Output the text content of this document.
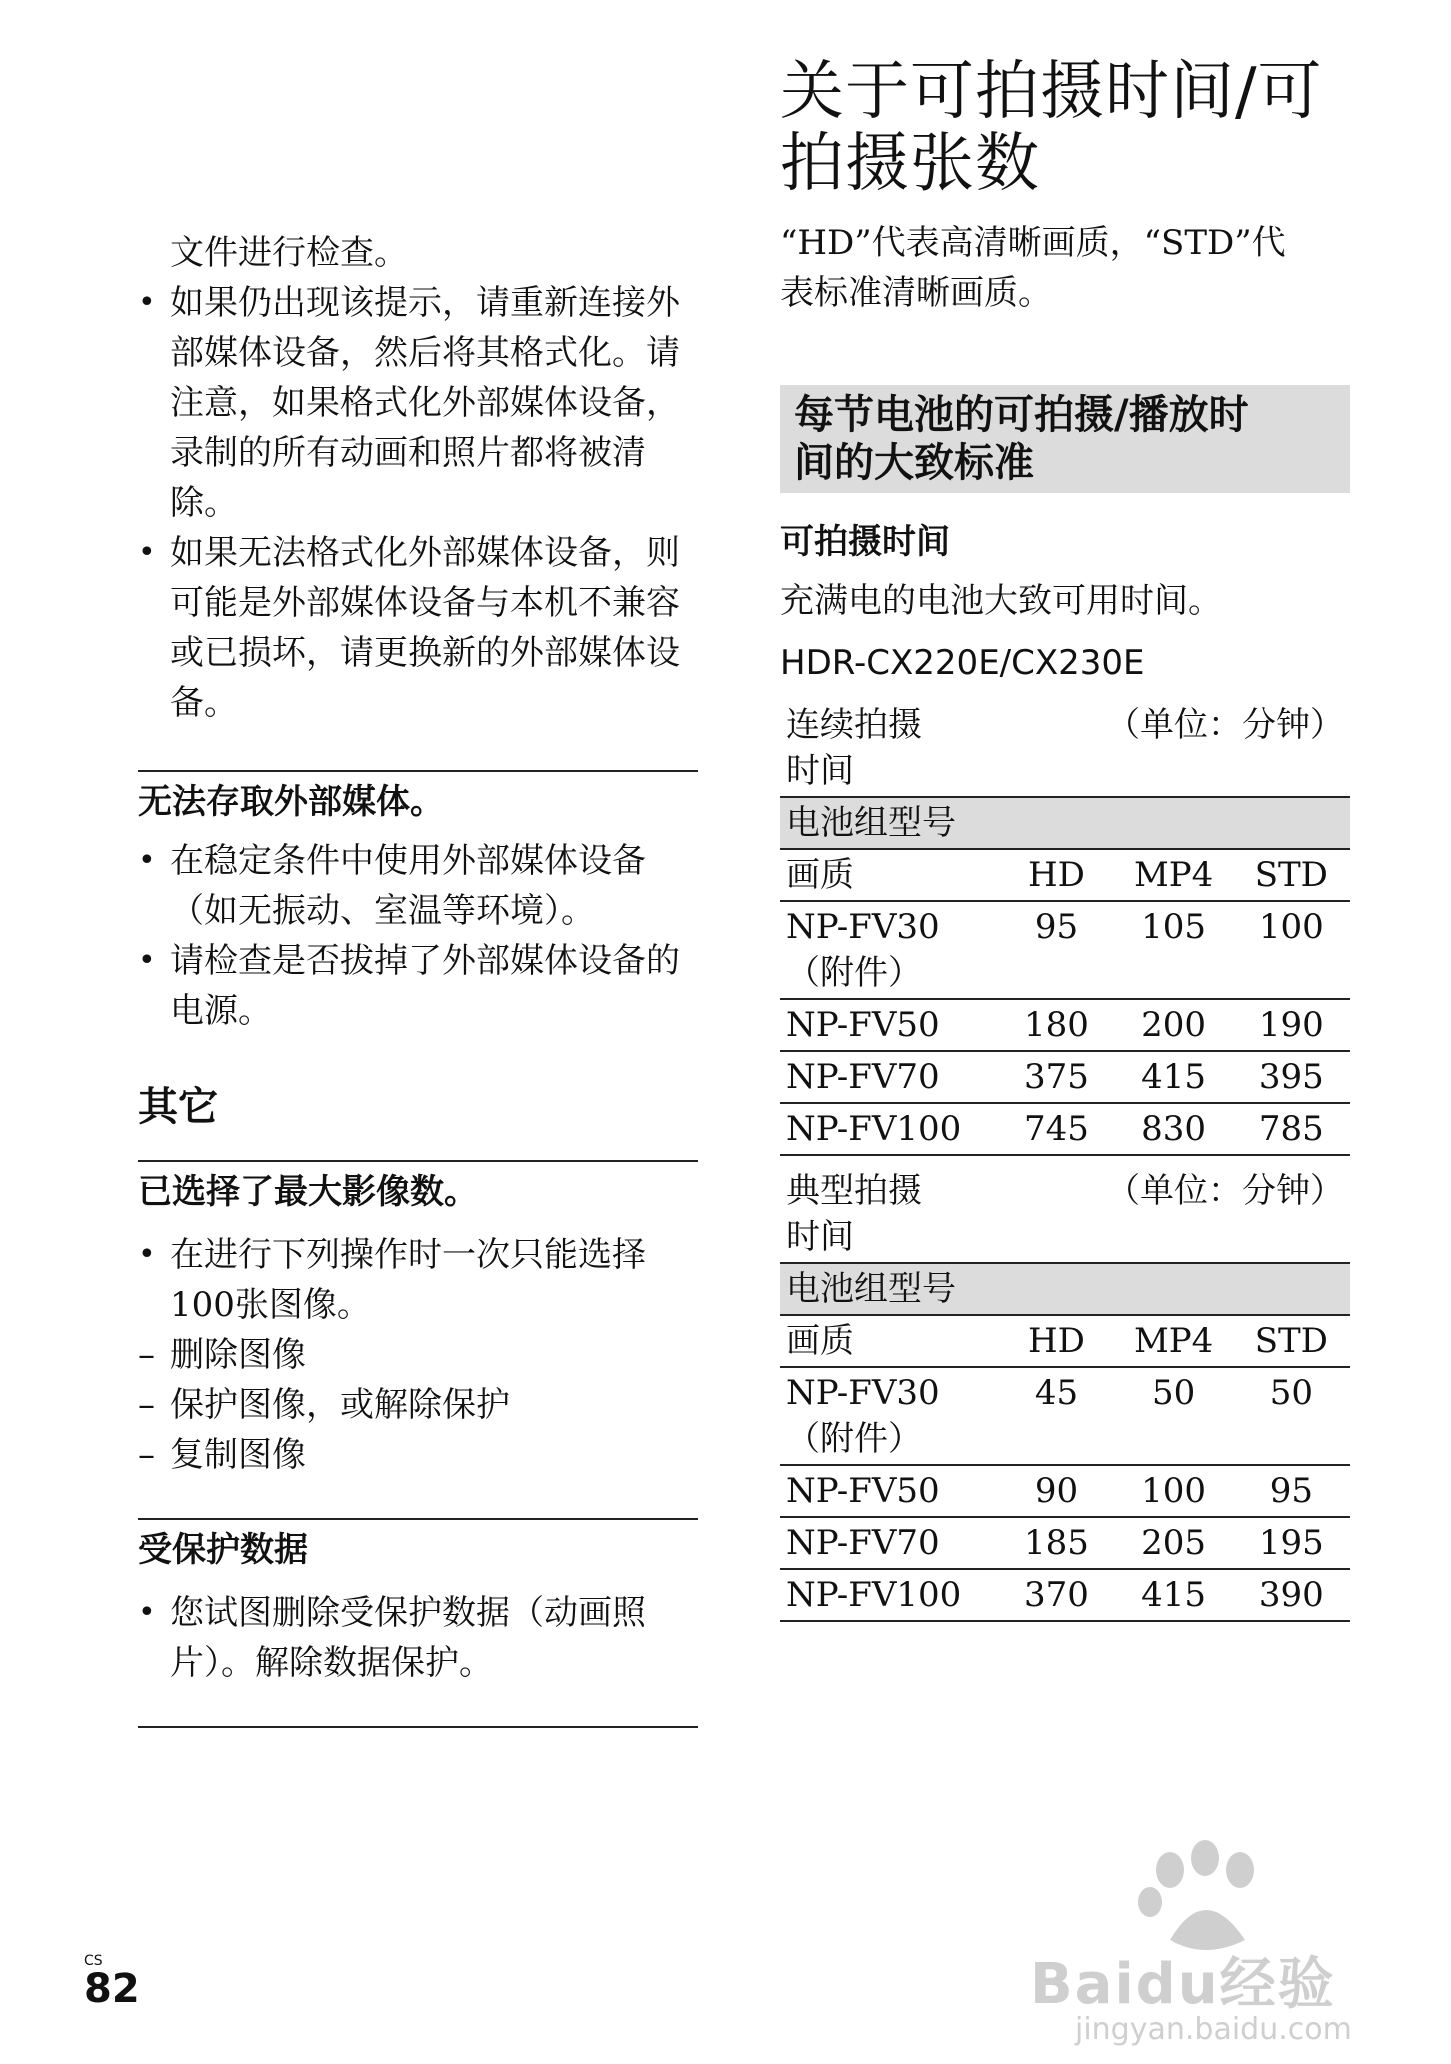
文件进行检查。
• 如果仍出现该提示，请重新连接外部媒体设备，然后将其格式化。请注意，如果格式化外部媒体设备，录制的所有动画和照片都将被清除。
• 如果无法格式化外部媒体设备，则可能是外部媒体设备与本机不兼容或已损坏，请更换新的外部媒体设备。
无法存取外部媒体。
• 在稳定条件中使用外部媒体设备（如无振动、室温等环境）。
• 请检查是否拔掉了外部媒体设备的电源。
其它
已选择了最大影像数。
• 在进行下列操作时一次只能选择100张图像。
– 删除图像
– 保护图像，或解除保护
– 复制图像
受保护数据
• 您试图删除受保护数据（动画照片）。解除数据保护。
关于可拍摄时间/可
拍摄张数
“HD”代表高清晰画质，“STD”代
表标准清晰画质。
每节电池的可拍摄/播放时
间的大致标准
可拍摄时间
充满电的电池大致可用时间。
HDR-CX220E/CX230E
连续拍摄
时间	（单位：分钟）		
电池组型号			
画质	HD	MP4	STD

NP-FV30
（附件）	95	105	100
NP-FV50	180	200	190
NP-FV70	375	415	395
NP-FV100	745	830	785
典型拍摄
时间	（单位：分钟）		
电池组型号			
画质	HD	MP4	STD

NP-FV30
（附件）	45	50	50
NP-FV50	90	100	95
NP-FV70	185	205	195
NP-FV100	370	415	390
CS
82	Baidu经验
jingyan.baidu.com
